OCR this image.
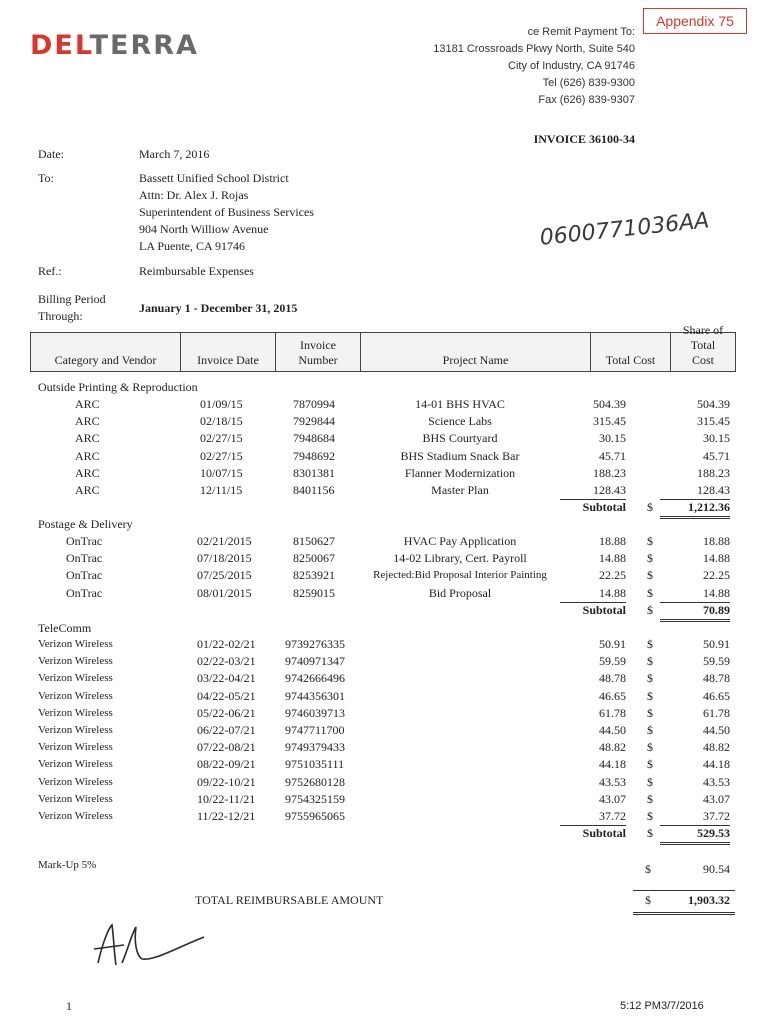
DELTERRA
Appendix 75
ce Remit Payment To:
13181 Crossroads Pkwy North, Suite 540
City of Industry, CA 91746
Tel (626) 839-9300
Fax (626) 839-9307
INVOICE 36100-34
Date:	March 7, 2016
To:	Bassett Unified School District
Attn: Dr. Alex J. Rojas
Superintendent of Business Services
904 North Williow Avenue
LA Puente, CA 91746	0600771036AA
Ref.:	Reimbursable Expenses
Billing Period
Through:
January 1 - December 31, 2015
Category and Vendor	Invoice Date
Invoice
Number	Project Name	Total Cost
Share of Total
Cost
Outside Printing & Reproduction
ARC	01/09/15	7870994	14-01 BHS HVAC	504.39	504.39
ARC	02/18/15	7929844	Science Labs	315.45	315.45
ARC	02/27/15	7948684	BHS Courtyard	30.15	30.15
ARC	02/27/15	7948692	BHS Stadium Snack Bar	45.71	45.71
ARC	10/07/15	8301381	Flanner Modernization	188.23	188.23
ARC	12/11/15	8401156	Master Plan	128.43	128.43
Subtotal $	1,212.36
Postage & Delivery
OnTrac	02/21/2015	8150627	HVAC Pay Application	18.88 $	18.88
OnTrac	07/18/2015	8250067	14-02 Library, Cert. Payroll	14.88 $	14.88
OnTrac	07/25/2015	8253921	Rejected:Bid Proposal Interior Painting	22.25 $	22.25
OnTrac	08/01/2015	8259015	Bid Proposal	14.88 $	14.88
Subtotal $	70.89
TeleComm
Verizon Wireless	01/22-02/21 9739276335	50.91 $	50.91
Verizon Wireless	02/22-03/21 9740971347	59.59 $	59.59
Verizon Wireless	03/22-04/21 9742666496	48.78 $	48.78
Verizon Wireless	04/22-05/21 9744356301	46.65 $	46.65
Verizon Wireless	05/22-06/21 9746039713	61.78 $	61.78
Verizon Wireless	06/22-07/21 9747711700	44.50 $	44.50
Verizon Wireless	07/22-08/21 9749379433	48.82 $	48.82
Verizon Wireless	08/22-09/21 9751035111	44.18 $	44.18
Verizon Wireless	09/22-10/21 9752680128	43.53 $	43.53
Verizon Wireless	10/22-11/21 9754325159	43.07 $	43.07
Verizon Wireless	11/22-12/21 9755965065	37.72 $	37.72
Subtotal $	529.53
Mark-Up 5%	$	90.54
TOTAL REIMBURSABLE AMOUNT	$	1,903.32
1	5:12 PM3/7/2016
